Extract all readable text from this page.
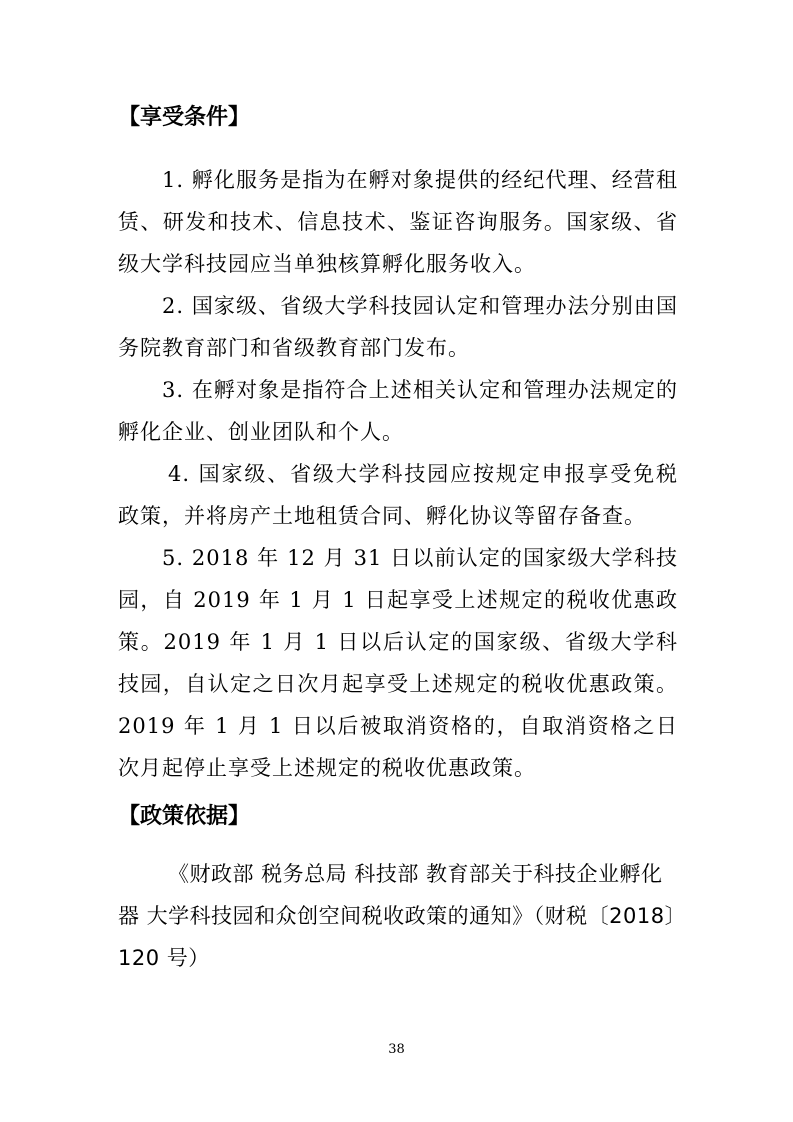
【享受条件】

1. 孵化服务是指为在孵对象提供的经纪代理、经营租赁、研发和技术、信息技术、鉴证咨询服务。国家级、省级大学科技园应当单独核算孵化服务收入。

2. 国家级、省级大学科技园认定和管理办法分别由国务院教育部门和省级教育部门发布。

3. 在孵对象是指符合上述相关认定和管理办法规定的孵化企业、创业团队和个人。

4. 国家级、省级大学科技园应按规定申报享受免税政策，并将房产土地租赁合同、孵化协议等留存备查。

5. 2018 年 12 月 31 日以前认定的国家级大学科技园，自 2019 年 1 月 1 日起享受上述规定的税收优惠政策。2019 年 1 月 1 日以后认定的国家级、省级大学科技园，自认定之日次月起享受上述规定的税收优惠政策。2019 年 1 月 1 日以后被取消资格的，自取消资格之日次月起停止享受上述规定的税收优惠政策。

【政策依据】

《财政部 税务总局 科技部 教育部关于科技企业孵化器 大学科技园和众创空间税收政策的通知》（财税〔2018〕120 号）

38
